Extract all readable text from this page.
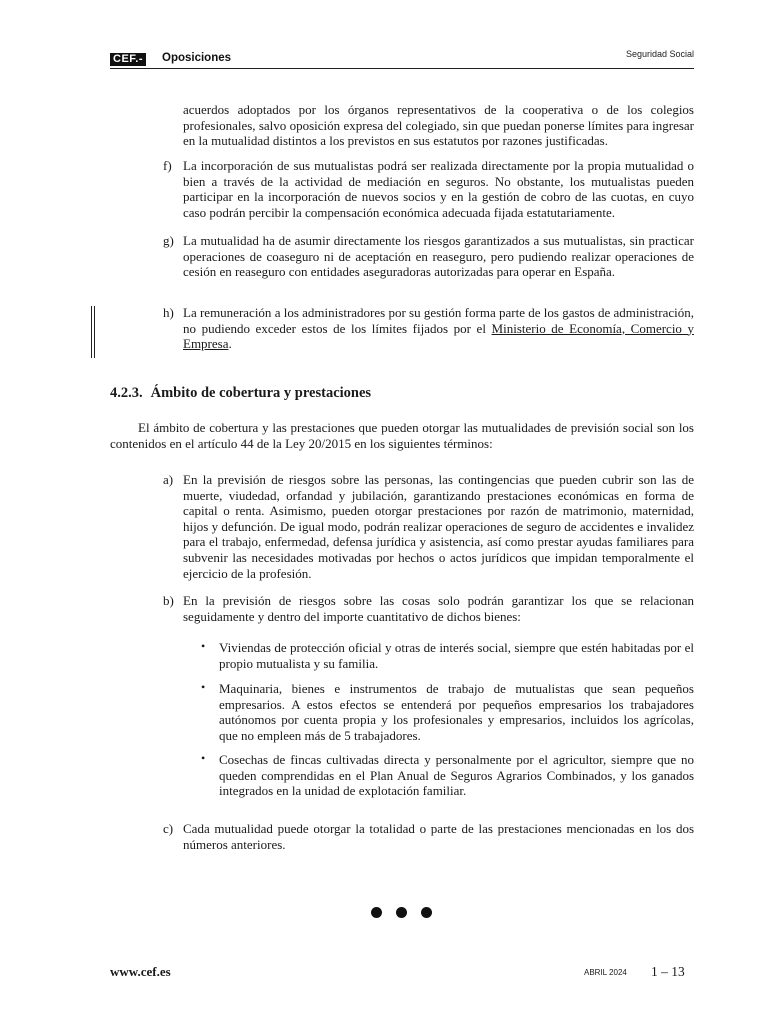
CEF.- Oposiciones	Seguridad Social
acuerdos adoptados por los órganos representativos de la cooperativa o de los colegios profesionales, salvo oposición expresa del colegiado, sin que puedan ponerse límites para ingresar en la mutualidad distintos a los previstos en sus estatutos por razones justificadas.
f) La incorporación de sus mutualistas podrá ser realizada directamente por la propia mutualidad o bien a través de la actividad de mediación en seguros. No obstante, los mutualistas pueden participar en la incorporación de nuevos socios y en la gestión de cobro de las cuotas, en cuyo caso podrán percibir la compensación económica adecuada fijada estatutariamente.
g) La mutualidad ha de asumir directamente los riesgos garantizados a sus mutualistas, sin practicar operaciones de coaseguro ni de aceptación en reaseguro, pero pudiendo realizar operaciones de cesión en reaseguro con entidades aseguradoras autorizadas para operar en España.
h) La remuneración a los administradores por su gestión forma parte de los gastos de administración, no pudiendo exceder estos de los límites fijados por el Ministerio de Economía, Comercio y Empresa.
4.2.3. Ámbito de cobertura y prestaciones
El ámbito de cobertura y las prestaciones que pueden otorgar las mutualidades de previsión social son los contenidos en el artículo 44 de la Ley 20/2015 en los siguientes términos:
a) En la previsión de riesgos sobre las personas, las contingencias que pueden cubrir son las de muerte, viudedad, orfandad y jubilación, garantizando prestaciones económicas en forma de capital o renta. Asimismo, pueden otorgar prestaciones por razón de matrimonio, maternidad, hijos y defunción. De igual modo, podrán realizar operaciones de seguro de accidentes e invalidez para el trabajo, enfermedad, defensa jurídica y asistencia, así como prestar ayudas familiares para subvenir las necesidades motivadas por hechos o actos jurídicos que impidan temporalmente el ejercicio de la profesión.
b) En la previsión de riesgos sobre las cosas solo podrán garantizar los que se relacionan seguidamente y dentro del importe cuantitativo de dichos bienes:
• Viviendas de protección oficial y otras de interés social, siempre que estén habitadas por el propio mutualista y su familia.
• Maquinaria, bienes e instrumentos de trabajo de mutualistas que sean pequeños empresarios. A estos efectos se entenderá por pequeños empresarios los trabajadores autónomos por cuenta propia y los profesionales y empresarios, incluidos los agrícolas, que no empleen más de 5 trabajadores.
• Cosechas de fincas cultivadas directa y personalmente por el agricultor, siempre que no queden comprendidas en el Plan Anual de Seguros Agrarios Combinados, y los ganados integrados en la unidad de explotación familiar.
c) Cada mutualidad puede otorgar la totalidad o parte de las prestaciones mencionadas en los dos números anteriores.
www.cef.es	ABRIL 2024 1 – 13
